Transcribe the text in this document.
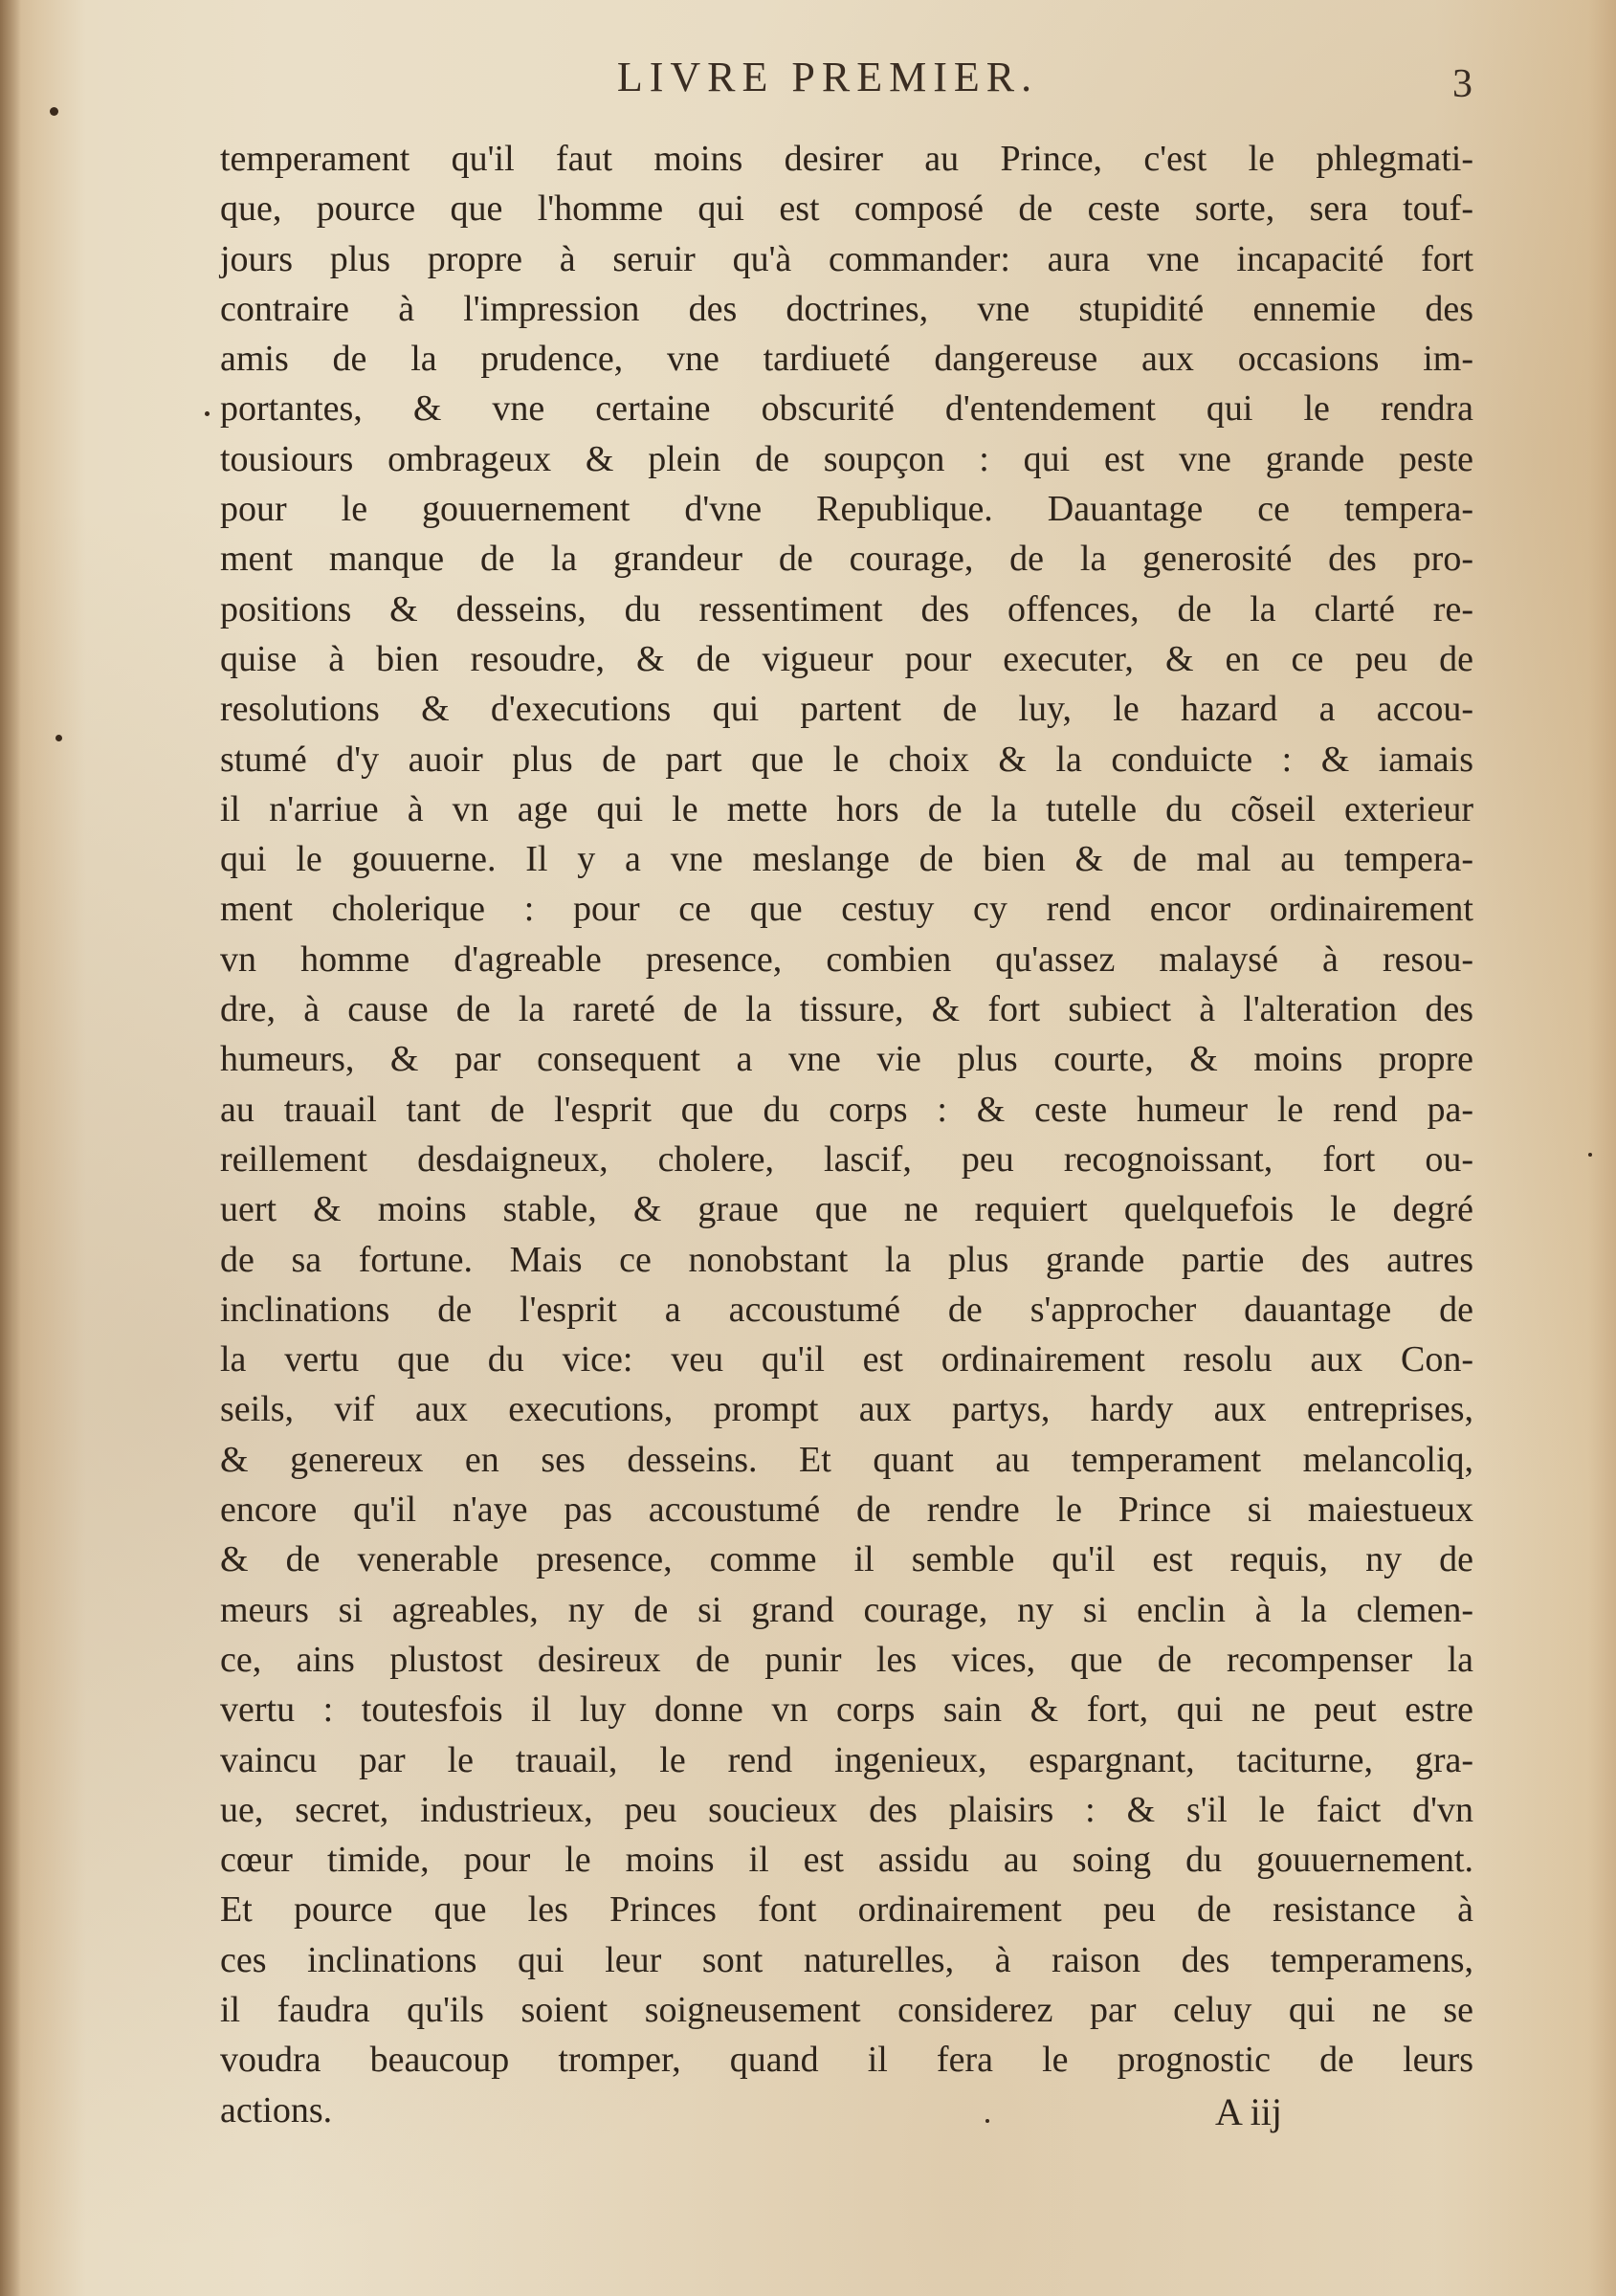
LIVRE PREMIER.	3
temperament qu'il faut moins desirer au Prince, c'est le phlegmati-
que, pource que l'homme qui est composé de ceste sorte, sera touf-
jours plus propre à seruir qu'à commander: aura vne incapacité fort
contraire à l'impression des doctrines, vne stupidité ennemie des
amis de la prudence, vne tardiueté dangereuse aux occasions im-
portantes, & vne certaine obscurité d'entendement qui le rendra
tousiours ombrageux & plein de soupçon : qui est vne grande peste
pour le gouuernement d'vne Republique. Dauantage ce tempera-
ment manque de la grandeur de courage, de la generosité des pro-
positions & desseins, du ressentiment des offences, de la clarté re-
quise à bien resoudre, & de vigueur pour executer, & en ce peu de
resolutions & d'executions qui partent de luy, le hazard a accou-
stumé d'y auoir plus de part que le choix & la conduicte : & iamais
il n'arriue à vn age qui le mette hors de la tutelle du cõseil exterieur
qui le gouuerne. Il y a vne meslange de bien & de mal au tempera-
ment cholerique : pour ce que cestuy cy rend encor ordinairement
vn homme d'agreable presence, combien qu'assez malaysé à resou-
dre, à cause de la rareté de la tissure, & fort subiect à l'alteration des
humeurs, & par consequent a vne vie plus courte, & moins propre
au trauail tant de l'esprit que du corps : & ceste humeur le rend pa-
reillement desdaigneux, cholere, lascif, peu recognoissant, fort ou-
uert & moins stable, & graue que ne requiert quelquefois le degré
de sa fortune. Mais ce nonobstant la plus grande partie des autres
inclinations de l'esprit a accoustumé de s'approcher dauantage de
la vertu que du vice: veu qu'il est ordinairement resolu aux Con-
seils, vif aux executions, prompt aux partys, hardy aux entreprises,
& genereux en ses desseins. Et quant au temperament melancoliq,
encore qu'il n'aye pas accoustumé de rendre le Prince si maiestueux
& de venerable presence, comme il semble qu'il est requis, ny de
meurs si agreables, ny de si grand courage, ny si enclin à la clemen-
ce, ains plustost desireux de punir les vices, que de recompenser la
vertu : toutesfois il luy donne vn corps sain & fort, qui ne peut estre
vaincu par le trauail, le rend ingenieux, espargnant, taciturne, gra-
ue, secret, industrieux, peu soucieux des plaisirs : & s'il le faict d'vn
cœur timide, pour le moins il est assidu au soing du gouuernement.
Et pource que les Princes font ordinairement peu de resistance à
ces inclinations qui leur sont naturelles, à raison des temperamens,
il faudra qu'ils soient soigneusement considerez par celuy qui ne se
voudra beaucoup tromper, quand il fera le prognostic de leurs
actions.	A iij
